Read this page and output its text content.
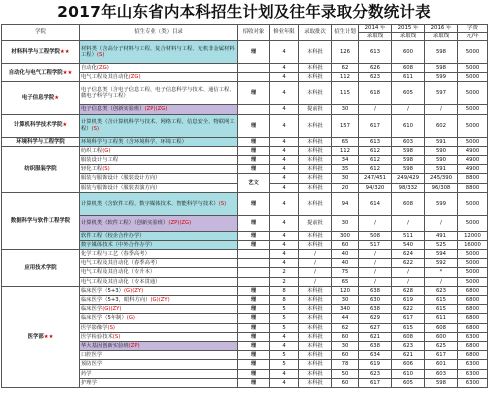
2017年山东省内本科招生计划及往年录取分数统计表
学院	招生专业（类）目录	招收对象	修业年限	录取批次	招生计划	2014 年	2015 年	2016 年	学费
						录取线	录取线	录取线	元/年
材料科学与工程学院★★	材料类（含高分子材料与工程、复合材料与工程、无机非金属材料工程）(S)	理	4	本科批	126	613	600	598	5000
自动化与电气工程学院★★	自动化(ZG)		4	本科批	62	626	608	598	5000
	电气工程及其自动化(ZG)		4	本科批	112	623	611	599	5000
电子信息学院★	电子信息类（含电子信息工程、电子信息科学与技术、通信工程、微电子科学与工程）	理	4	本科批	115	618	605	597	5000
	电子信息类（创新实验班）(ZP)(ZG)		4	提前批	30	/	/	/	5000
计算机科学技术学院★	计算机类（含计算机科学与技术、网络工程、信息安全、物联网工程）(S)	理	4	本科批	157	617	610	602	5000
环境科学与工程学院	环境科学与工程类（含环境科学、环境工程）	理	4	本科批	65	613	603	591	5000
纺织服装学院	纺织工程(G)	理	4	本科批	112	612	598	590	4900
	服装设计与工程	理	4	本科批	34	612	598	590	4900
	轻化工程(S)	理	4	本科批	35	612	598	591	4900
	服装与服饰设计（服装设计方向）	艺文	4	本科批	30	247/451	249/429	245/390	8800
	服装与服饰设计（服装表演方向）		4	本科批	20	94/320	98/332	96/308	8800
数据科学与软件工程学院	计算机类（含软件工程、数字媒体技术、智能科学与技术）(S)	理	4	本科批	94	614	608	599	5000
	计算机类（软件工程）（创新实验班）(ZP)(ZG)	理	4	提前批	30	/	/	/	5000
	软件工程（校企合作办学）	理	4	本科批	300	508	511	491	12000
	数字媒体技术（中外合作办学）	理	4	本科批	60	517	540	525	16000
应用技术学院	化学工程与工艺（春季高考）		4	/	40	/	624	594	5000
	电气工程及其自动化（春季高考）		4	/	40	/	622	592	5000
	电气工程及其自动化（专升本）		2	/	75	/	/	*	5000
	电气工程及其自动化（专本贯通）		2	/	65	/	/	/	5000
医学部★★	临床医学（5+3）(G)(ZY)	理	8	本科批	120	638	628	623	6800
	临床医学（5+3，眼科方向）(G)(ZY)	理	8	本科批	30	630	619	615	6800
	临床医学(G)(ZY)	理	5	本科批	340	638	622	615	6800
	临床医学（5年制）(G)	理	5	本科批	44	629	617	611	6800
	医学影像学(S)	理	5	本科批	62	627	615	608	6800
	医学检验技术(S)	理	4	本科批	60	621	608	600	6300
	华大基因创新实验班(ZP)	理	4	本科批	30	638	623	625	6800
	口腔医学	理	5	本科批	60	634	621	617	6800
	预防医学	理	5	本科批	78	619	606	601	6300
	药学	理	4	本科批	50	623	610	603	6300
	护理学	理	4	本科批	60	617	605	598	6300
